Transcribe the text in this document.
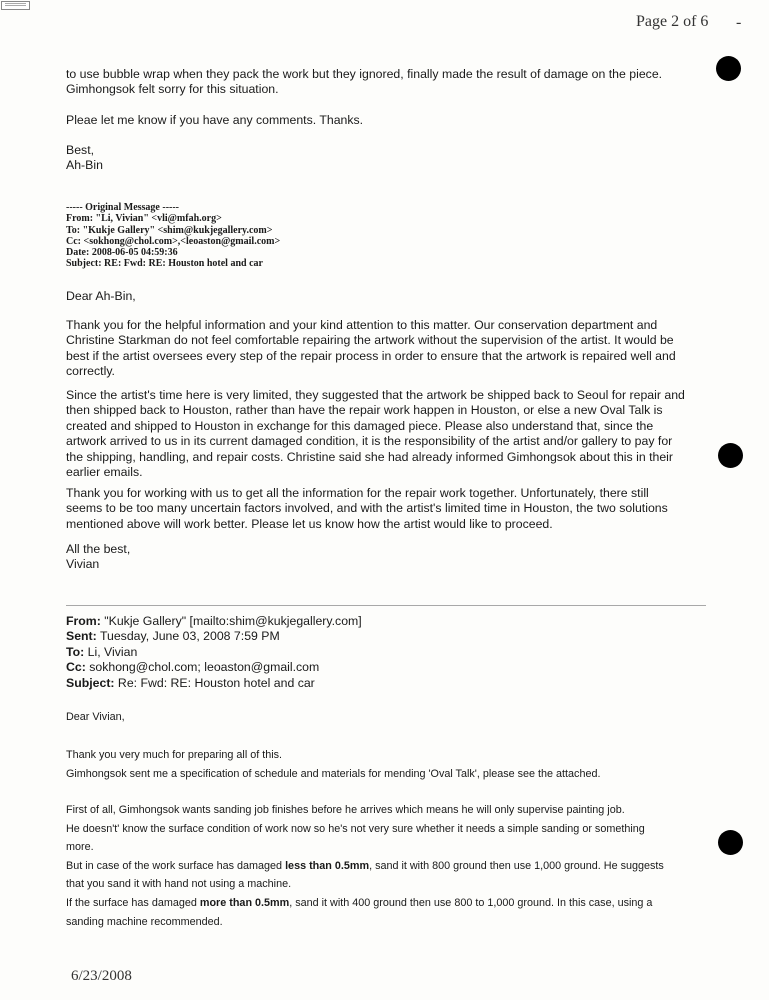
Page 2 of 6 -

to use bubble wrap when they pack the work but they ignored, finally made the result of damage on the piece.

Gimhongsok felt sorry for this situation.

Pleae let me know if you have any comments. Thanks.

Best,

Ah-Bin

----- Original Message -----

From: "Li, Vivian" <vli@mfah.org>

To: "Kukje Gallery" <shim@kukjegallery.com>

Cc: <sokhong@chol.com>,<leoaston@gmail.com>

Date: 2008-06-05 04:59:36

Subject: RE: Fwd: RE: Houston hotel and car

Dear Ah-Bin,

Thank you for the helpful information and your kind attention to this matter. Our conservation department and

Christine Starkman do not feel comfortable repairing the artwork without the supervision of the artist. It would be

best if the artist oversees every step of the repair process in order to ensure that the artwork is repaired well and

correctly.

Since the artist's time here is very limited, they suggested that the artwork be shipped back to Seoul for repair and

then shipped back to Houston, rather than have the repair work happen in Houston, or else a new Oval Talk is

created and shipped to Houston in exchange for this damaged piece. Please also understand that, since the

artwork arrived to us in its current damaged condition, it is the responsibility of the artist and/or gallery to pay for

the shipping, handling, and repair costs. Christine said she had already informed Gimhongsok about this in their

earlier emails.

Thank you for working with us to get all the information for the repair work together. Unfortunately, there still

seems to be too many uncertain factors involved, and with the artist's limited time in Houston, the two solutions

mentioned above will work better. Please let us know how the artist would like to proceed.

All the best,

Vivian

From: "Kukje Gallery" [mailto:shim@kukjegallery.com]

Sent: Tuesday, June 03, 2008 7:59 PM

To: Li, Vivian

Cc: sokhong@chol.com; leoaston@gmail.com

Subject: Re: Fwd: RE: Houston hotel and car

Dear Vivian,

Thank you very much for preparing all of this.

Gimhongsok sent me a specification of schedule and materials for mending 'Oval Talk', please see the attached.

First of all, Gimhongsok wants sanding job finishes before he arrives which means he will only supervise painting job.

He doesn't' know the surface condition of work now so he's not very sure whether it needs a simple sanding or something

more.

But in case of the work surface has damaged less than 0.5mm, sand it with 800 ground then use 1,000 ground. He suggests

that you sand it with hand not using a machine.

If the surface has damaged more than 0.5mm, sand it with 400 ground then use 800 to 1,000 ground. In this case, using a

sanding machine recommended.

6/23/2008
